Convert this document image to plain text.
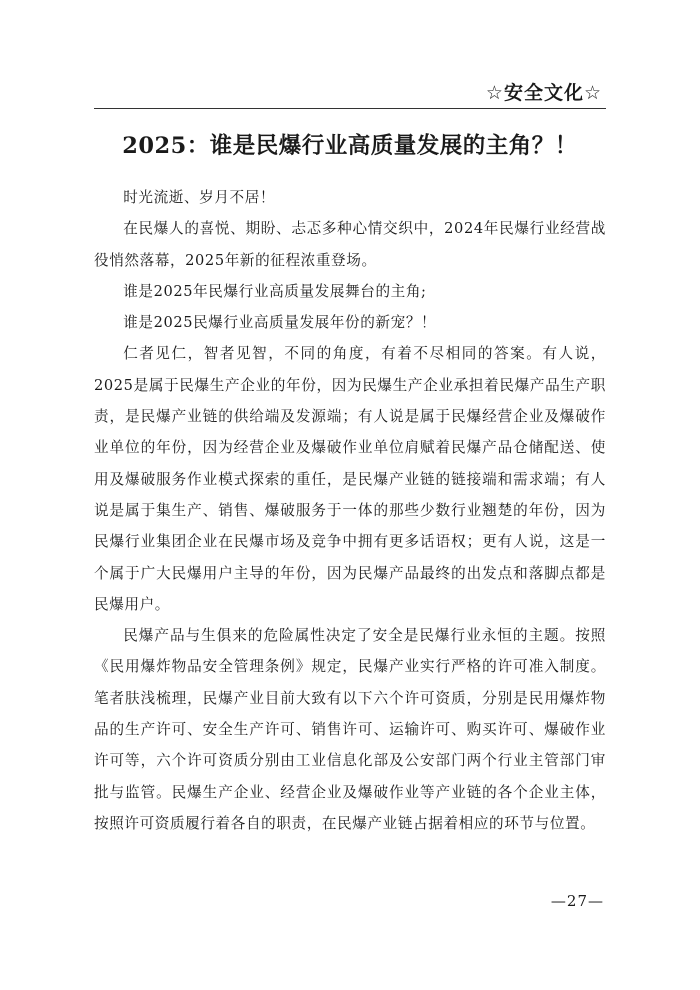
☆安全文化☆
2025：谁是民爆行业高质量发展的主角？！

时光流逝、岁月不居！

在民爆人的喜悦、期盼、忐忑多种心情交织中，2024年民爆行业经营战役悄然落幕，2025年新的征程浓重登场。

谁是2025年民爆行业高质量发展舞台的主角;

谁是2025民爆行业高质量发展年份的新宠？！

仁者见仁，智者见智，不同的角度，有着不尽相同的答案。有人说，2025是属于民爆生产企业的年份，因为民爆生产企业承担着民爆产品生产职责，是民爆产业链的供给端及发源端；有人说是属于民爆经营企业及爆破作业单位的年份，因为经营企业及爆破作业单位肩赋着民爆产品仓储配送、使用及爆破服务作业模式探索的重任，是民爆产业链的链接端和需求端；有人说是属于集生产、销售、爆破服务于一体的那些少数行业翘楚的年份，因为民爆行业集团企业在民爆市场及竞争中拥有更多话语权；更有人说，这是一个属于广大民爆用户主导的年份，因为民爆产品最终的出发点和落脚点都是民爆用户。

民爆产品与生俱来的危险属性决定了安全是民爆行业永恒的主题。按照《民用爆炸物品安全管理条例》规定，民爆产业实行严格的许可准入制度。笔者肤浅梳理，民爆产业目前大致有以下六个许可资质，分别是民用爆炸物品的生产许可、安全生产许可、销售许可、运输许可、购买许可、爆破作业许可等，六个许可资质分别由工业信息化部及公安部门两个行业主管部门审批与监管。民爆生产企业、经营企业及爆破作业等产业链的各个企业主体，按照许可资质履行着各自的职责，在民爆产业链占据着相应的环节与位置。

—27—
